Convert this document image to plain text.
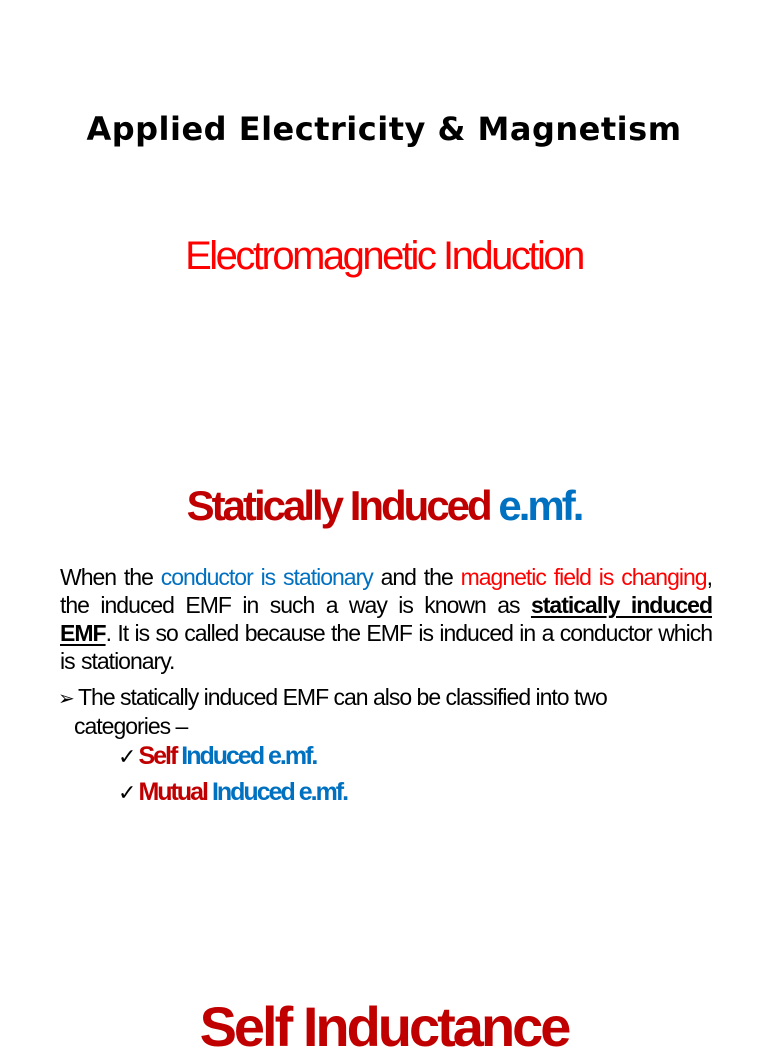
Applied Electricity & Magnetism
Electromagnetic Induction
Statically Induced e.mf.
When the conductor is stationary and the magnetic field is changing, the induced EMF in such a way is known as statically induced EMF. It is so called because the EMF is induced in a conductor which is stationary.
➢ The statically induced EMF can also be classified into two
categories –
✓Self Induced e.mf.
✓Mutual Induced e.mf.
Self Inductance
